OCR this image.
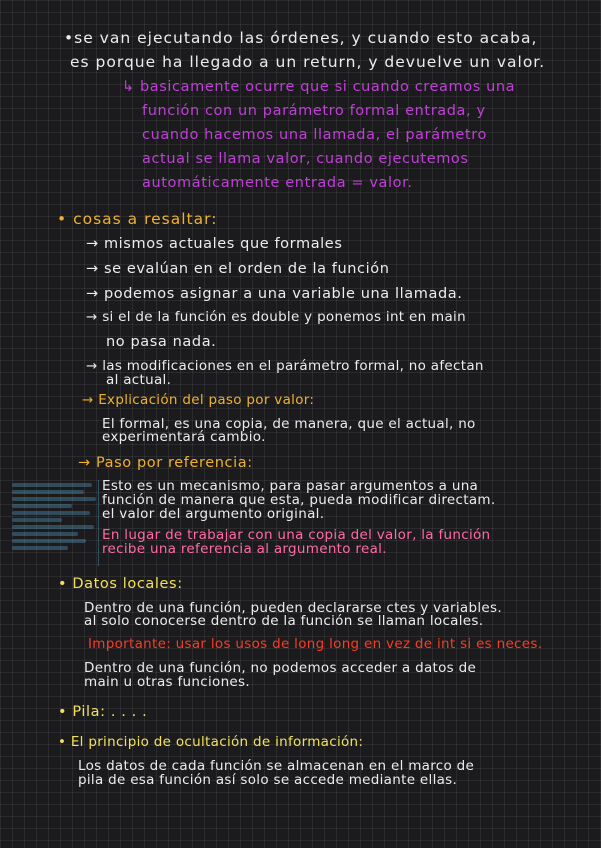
•se van ejecutando las órdenes, y cuando esto acaba,
es porque ha llegado a un return, y devuelve un valor.
↳ basicamente ocurre que si cuando creamos una
función con un parámetro formal entrada, y
cuando hacemos una llamada, el parámetro
actual se llama valor, cuando ejecutemos
automáticamente entrada = valor.
• cosas a resaltar:
→ mismos actuales que formales
→ se evalúan en el orden de la función
→ podemos asignar a una variable una llamada.
→ si el de la función es double y ponemos int en main
no pasa nada.
→ las modificaciones en el parámetro formal, no afectan
al actual.
→ Explicación del paso por valor:
El formal, es una copia, de manera, que el actual, no
experimentará cambio.
→ Paso por referencia:
Esto es un mecanismo, para pasar argumentos a una
función de manera que esta, pueda modificar directam.
el valor del argumento original.
En lugar de trabajar con una copia del valor, la función
recibe una referencia al argumento real.
• Datos locales:
Dentro de una función, pueden declararse ctes y variables.
al solo conocerse dentro de la función se llaman locales.
Importante: usar los usos de long long en vez de int si es neces.
Dentro de una función, no podemos acceder a datos de
main u otras funciones.
• Pila: . . . .
• El principio de ocultación de información:
Los datos de cada función se almacenan en el marco de
pila de esa función así solo se accede mediante ellas.
